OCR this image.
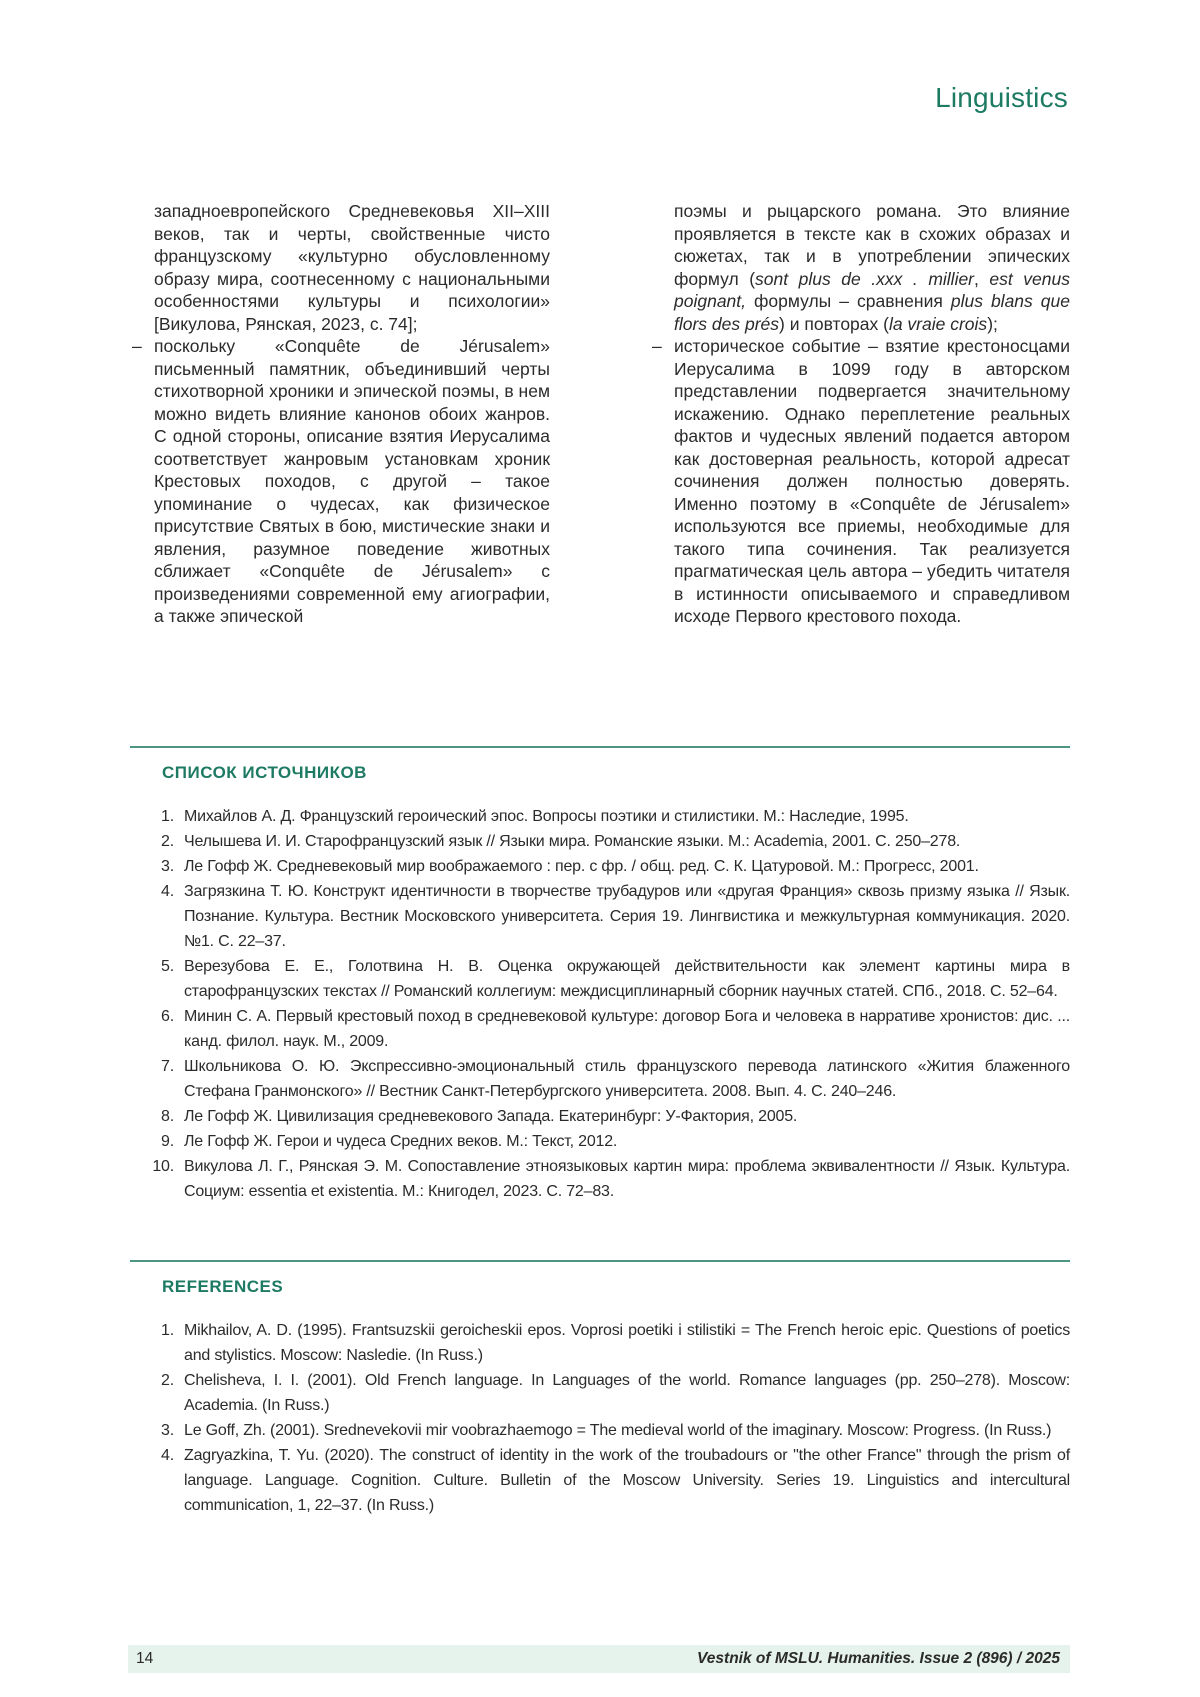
Linguistics

западноевропейского Средневековья XII–XIII веков, так и черты, свойственные чисто французскому «культурно обусловленному образу мира, соотнесенному с национальными особенностями культуры и психологии» [Викулова, Рянская, 2023, с. 74];

– поскольку «Conquête de Jérusalem» письменный памятник, объединивший черты стихотворной хроники и эпической поэмы, в нем можно видеть влияние канонов обоих жанров. С одной стороны, описание взятия Иерусалима соответствует жанровым установкам хроник Крестовых походов, с другой – такое упоминание о чудесах, как физическое присутствие Святых в бою, мистические знаки и явления, разумное поведение животных сближает «Conquête de Jérusalem» с произведениями современной ему агиографии, а также эпической

поэмы и рыцарского романа. Это влияние проявляется в тексте как в схожих образах и сюжетах, так и в употреблении эпических формул (sont plus de .xxx . millier, est venus poignant, формулы – сравнения plus blans que flors des prés) и повторах (la vraie crois);

– историческое событие – взятие крестоносцами Иерусалима в 1099 году в авторском представлении подвергается значительному искажению. Однако переплетение реальных фактов и чудесных явлений подается автором как достоверная реальность, которой адресат сочинения должен полностью доверять. Именно поэтому в «Conquête de Jérusalem» используются все приемы, необходимые для такого типа сочинения. Так реализуется прагматическая цель автора – убедить читателя в истинности описываемого и справедливом исходе Первого крестового похода.

СПИСОК ИСТОЧНИКОВ
1. Михайлов А. Д. Французский героический эпос. Вопросы поэтики и стилистики. М.: Наследие, 1995.
2. Челышева И. И. Старофранцузский язык // Языки мира. Романские языки. М.: Academia, 2001. С. 250–278.
3. Ле Гофф Ж. Средневековый мир воображаемого : пер. с фр. / общ. ред. С. К. Цатуровой. М.: Прогресс, 2001.
4. Загрязкина Т. Ю. Конструкт идентичности в творчестве трубадуров или «другая Франция» сквозь призму языка // Язык. Познание. Культура. Вестник Московского университета. Серия 19. Лингвистика и межкультурная коммуникация. 2020. №1. С. 22–37.
5. Верезубова Е. Е., Голотвина Н. В. Оценка окружающей действительности как элемент картины мира в старофранцузских текстах // Романский коллегиум: междисциплинарный сборник научных статей. СПб., 2018. С. 52–64.
6. Минин С. А. Первый крестовый поход в средневековой культуре: договор Бога и человека в нарративе хронистов: дис. ... канд. филол. наук. М., 2009.
7. Школьникова О. Ю. Экспрессивно-эмоциональный стиль французского перевода латинского «Жития блаженного Стефана Гранмонского» // Вестник Санкт-Петербургского университета. 2008. Вып. 4. С. 240–246.
8. Ле Гофф Ж. Цивилизация средневекового Запада. Екатеринбург: У-Фактория, 2005.
9. Ле Гофф Ж. Герои и чудеса Средних веков. М.: Текст, 2012.
10. Викулова Л. Г., Рянская Э. М. Сопоставление этноязыковых картин мира: проблема эквивалентности // Язык. Культура. Социум: essentia et existentia. М.: Книгодел, 2023. С. 72–83.
REFERENCES
1. Mikhailov, A. D. (1995). Frantsuzskii geroicheskii epos. Voprosi poetiki i stilistiki = The French heroic epic. Questions of poetics and stylistics. Moscow: Nasledie. (In Russ.)
2. Chelisheva, I. I. (2001). Old French language. In Languages of the world. Romance languages (pp. 250–278). Moscow: Academia. (In Russ.)
3. Le Goff, Zh. (2001). Srednevekovii mir voobrazhaemogo = The medieval world of the imaginary. Moscow: Progress. (In Russ.)
4. Zagryazkina, T. Yu. (2020). The construct of identity in the work of the troubadours or "the other France" through the prism of language. Language. Cognition. Culture. Bulletin of the Moscow University. Series 19. Linguistics and intercultural communication, 1, 22–37. (In Russ.)
14	Vestnik of MSLU. Humanities. Issue 2 (896) / 2025
